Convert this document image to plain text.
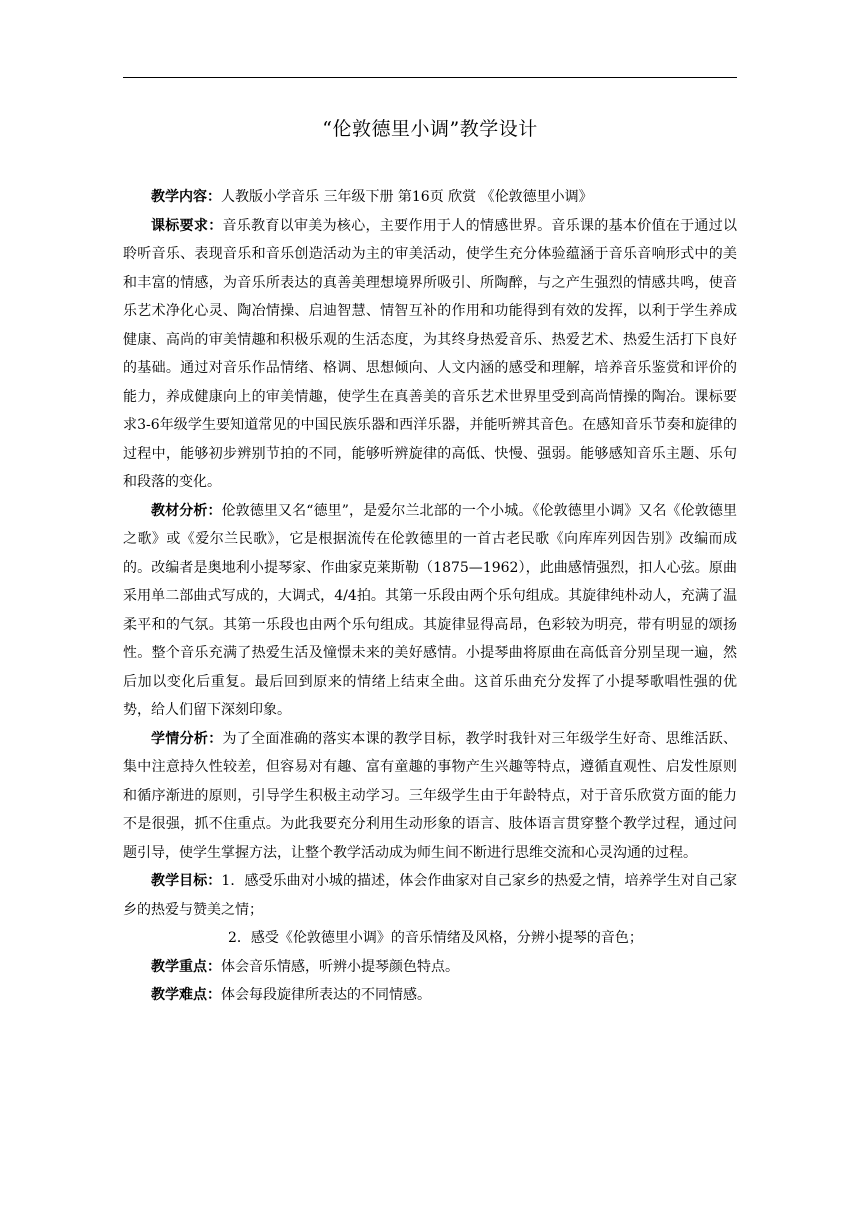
“伦敦德里小调”教学设计

教学内容：人教版小学音乐 三年级下册 第16页 欣赏 《伦敦德里小调》

课标要求：音乐教育以审美为核心，主要作用于人的情感世界。音乐课的基本价值在于通过以聆听音乐、表现音乐和音乐创造活动为主的审美活动，使学生充分体验蕴涵于音乐音响形式中的美和丰富的情感，为音乐所表达的真善美理想境界所吸引、所陶醉，与之产生强烈的情感共鸣，使音乐艺术净化心灵、陶冶情操、启迪智慧、情智互补的作用和功能得到有效的发挥，以利于学生养成健康、高尚的审美情趣和积极乐观的生活态度，为其终身热爱音乐、热爱艺术、热爱生活打下良好的基础。通过对音乐作品情绪、格调、思想倾向、人文内涵的感受和理解，培养音乐鉴赏和评价的能力，养成健康向上的审美情趣，使学生在真善美的音乐艺术世界里受到高尚情操的陶冶。课标要求3-6年级学生要知道常见的中国民族乐器和西洋乐器，并能听辨其音色。在感知音乐节奏和旋律的过程中，能够初步辨别节拍的不同，能够听辨旋律的高低、快慢、强弱。能够感知音乐主题、乐句和段落的变化。

教材分析：伦敦德里又名“德里”，是爱尔兰北部的一个小城。《伦敦德里小调》又名《伦敦德里之歌》或《爱尔兰民歌》，它是根据流传在伦敦德里的一首古老民歌《向库库列因告别》改编而成的。改编者是奥地利小提琴家、作曲家克莱斯勒（1875—1962），此曲感情强烈，扣人心弦。原曲采用单二部曲式写成的，大调式，4/4拍。其第一乐段由两个乐句组成。其旋律纯朴动人，充满了温柔平和的气氛。其第一乐段也由两个乐句组成。其旋律显得高昂，色彩较为明亮，带有明显的颂扬性。整个音乐充满了热爱生活及憧憬未来的美好感情。小提琴曲将原曲在高低音分别呈现一遍，然后加以变化后重复。最后回到原来的情绪上结束全曲。这首乐曲充分发挥了小提琴歌唱性强的优势，给人们留下深刻印象。

学情分析：为了全面准确的落实本课的教学目标，教学时我针对三年级学生好奇、思维活跃、集中注意持久性较差，但容易对有趣、富有童趣的事物产生兴趣等特点，遵循直观性、启发性原则和循序渐进的原则，引导学生积极主动学习。三年级学生由于年龄特点，对于音乐欣赏方面的能力不是很强，抓不住重点。为此我要充分利用生动形象的语言、肢体语言贯穿整个教学过程，通过问题引导，使学生掌握方法，让整个教学活动成为师生间不断进行思维交流和心灵沟通的过程。

教学目标：1．感受乐曲对小城的描述，体会作曲家对自己家乡的热爱之情，培养学生对自己家乡的热爱与赞美之情；

2．感受《伦敦德里小调》的音乐情绪及风格，分辨小提琴的音色；

教学重点：体会音乐情感，听辨小提琴颜色特点。

教学难点：体会每段旋律所表达的不同情感。
